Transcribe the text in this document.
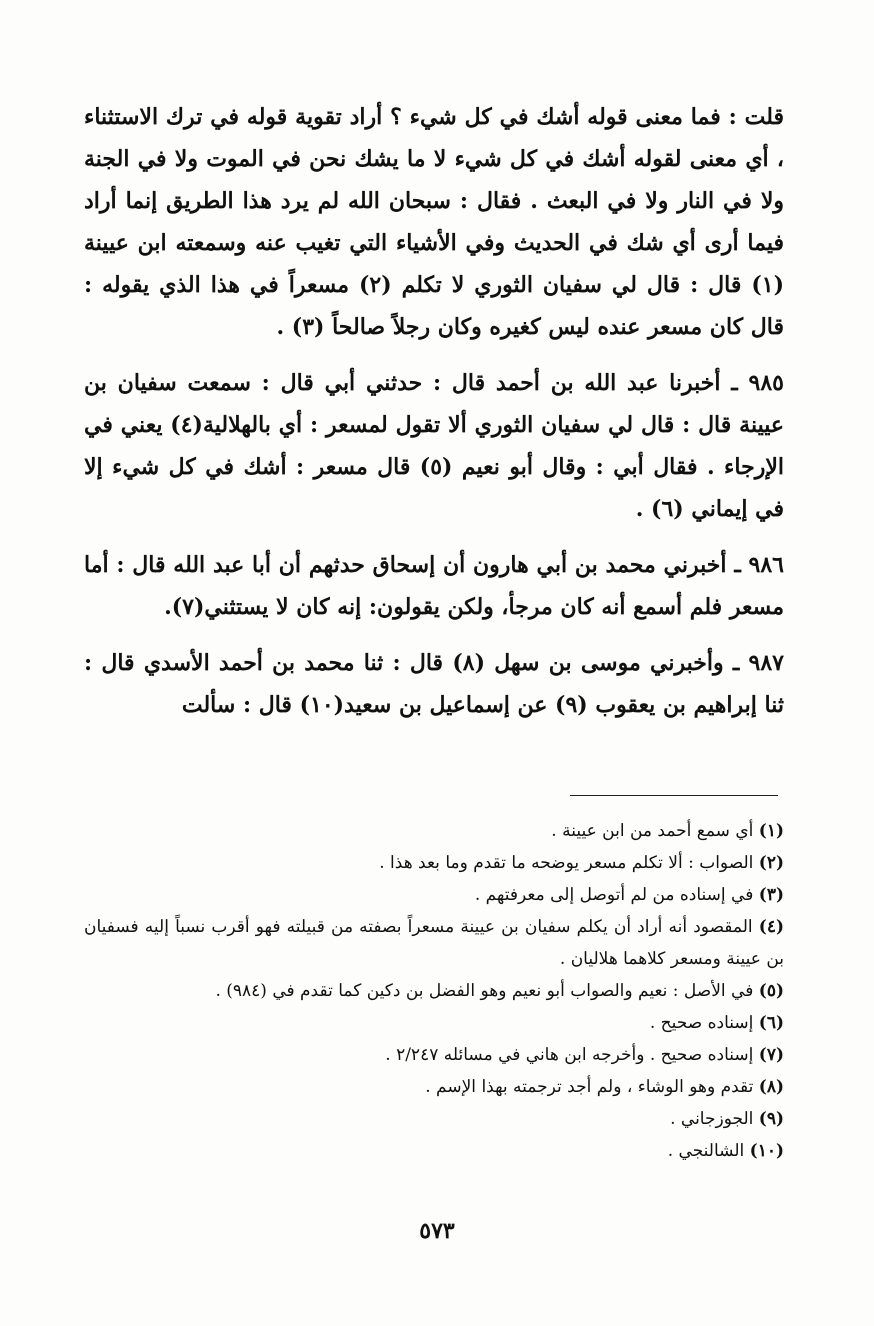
قلت : فما معنى قوله أشك في كل شيء ؟ أراد تقوية قوله في ترك الاستثناء ، أي معنى لقوله أشك في كل شيء لا ما يشك نحن في الموت ولا في الجنة ولا في النار ولا في البعث . فقال : سبحان الله لم يرد هذا الطريق إنما أراد فيما أرى أي شك في الحديث وفي الأشياء التي تغيب عنه وسمعته ابن عيينة (١) قال : قال لي سفيان الثوري لا تكلم (٢) مسعراً في هذا الذي يقوله : قال كان مسعر عنده ليس كغيره وكان رجلاً صالحاً (٣) .

٩٨٥ ـ أخبرنا عبد الله بن أحمد قال : حدثني أبي قال : سمعت سفيان بن عيينة قال : قال لي سفيان الثوري ألا تقول لمسعر : أي بالهلالية(٤) يعني في الإرجاء . فقال أبي : وقال أبو نعيم (٥) قال مسعر : أشك في كل شيء إلا في إيماني (٦) .

٩٨٦ ـ أخبرني محمد بن أبي هارون أن إسحاق حدثهم أن أبا عبد الله قال : أما مسعر فلم أسمع أنه كان مرجأ، ولكن يقولون: إنه كان لا يستثني(٧).

٩٨٧ ـ وأخبرني موسى بن سهل (٨) قال : ثنا محمد بن أحمد الأسدي قال : ثنا إبراهيم بن يعقوب (٩) عن إسماعيل بن سعيد(١٠) قال : سألت

(١) أي سمع أحمد من ابن عيينة .

(٢) الصواب : ألا تكلم مسعر يوضحه ما تقدم وما بعد هذا .

(٣) في إسناده من لم أتوصل إلى معرفتهم .

(٤) المقصود أنه أراد أن يكلم سفيان بن عيينة مسعراً بصفته من قبيلته فهو أقرب نسباً إليه فسفيان بن عيينة ومسعر كلاهما هلاليان .

(٥) في الأصل : نعيم والصواب أبو نعيم وهو الفضل بن دكين كما تقدم في (٩٨٤) .

(٦) إسناده صحيح .

(٧) إسناده صحيح . وأخرجه ابن هاني في مسائله ٢/٢٤٧ .

(٨) تقدم وهو الوشاء ، ولم أجد ترجمته بهذا الإسم .

(٩) الجوزجاني .

(١٠) الشالنجي .

٥٧٣
